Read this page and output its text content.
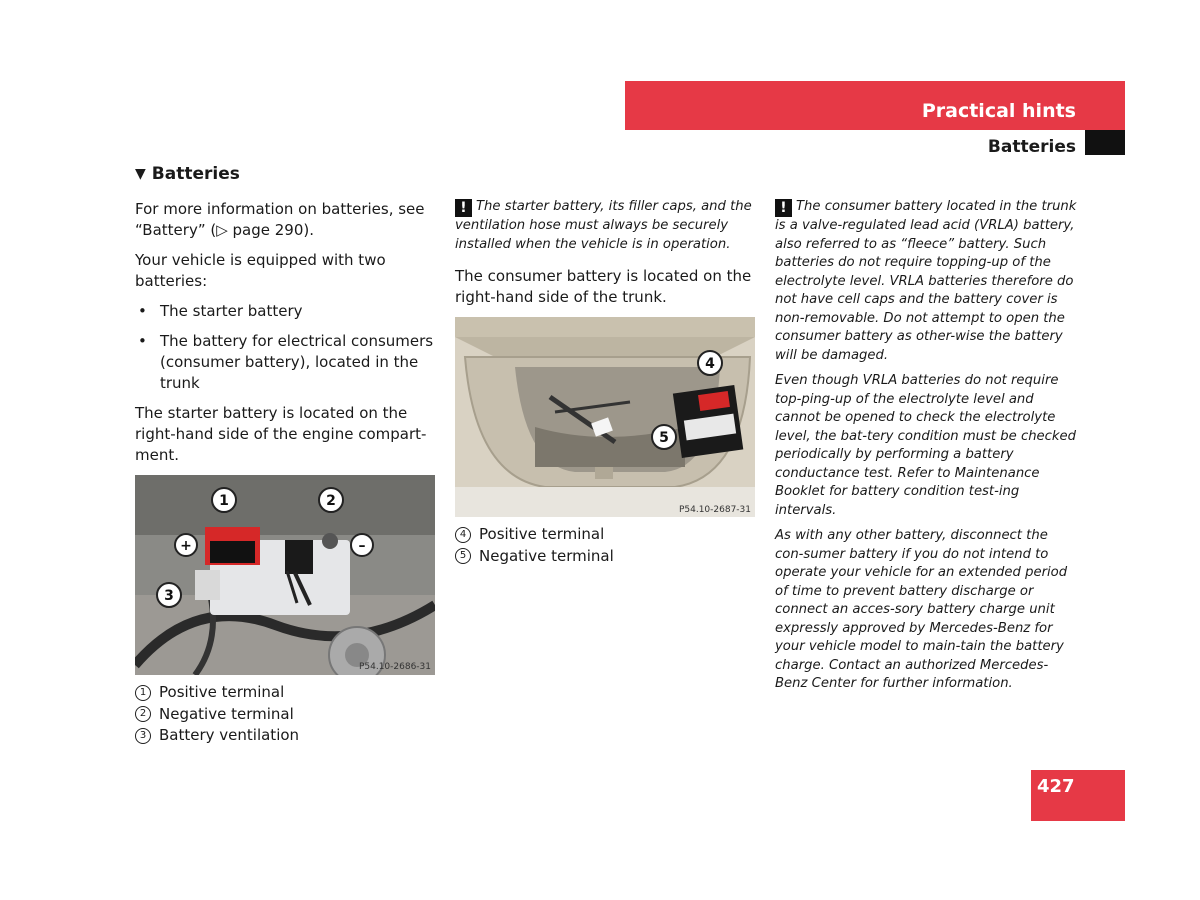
Practical hints
Batteries
▼ Batteries

For more information on batteries, see “Battery” (▷ page 290).

Your vehicle is equipped with two batteries:

• The starter battery
• The battery for electrical consumers (consumer battery), located in the trunk

The starter battery is located on the right-hand side of the engine compart-ment.

1	2
3
+	–
P54.10-2686-31
1 Positive terminal
2 Negative terminal
3 Battery ventilation

! The starter battery, its filler caps, and the ventilation hose must always be securely installed when the vehicle is in operation.

The consumer battery is located on the right-hand side of the trunk.

4
5
P54.10-2687-31
4 Positive terminal
5 Negative terminal

! The consumer battery located in the trunk is a valve-regulated lead acid (VRLA) battery, also referred to as “fleece” battery. Such batteries do not require topping-up of the electrolyte level. VRLA batteries therefore do not have cell caps and the battery cover is non-removable. Do not attempt to open the consumer battery as other-wise the battery will be damaged.

Even though VRLA batteries do not require top-ping-up of the electrolyte level and cannot be opened to check the electrolyte level, the bat-tery condition must be checked periodically by performing a battery conductance test. Refer to Maintenance Booklet for battery condition test-ing intervals.

As with any other battery, disconnect the con-sumer battery if you do not intend to operate your vehicle for an extended period of time to prevent battery discharge or connect an acces-sory battery charge unit expressly approved by Mercedes-Benz for your vehicle model to main-tain the battery charge. Contact an authorized Mercedes-Benz Center for further information.

427
